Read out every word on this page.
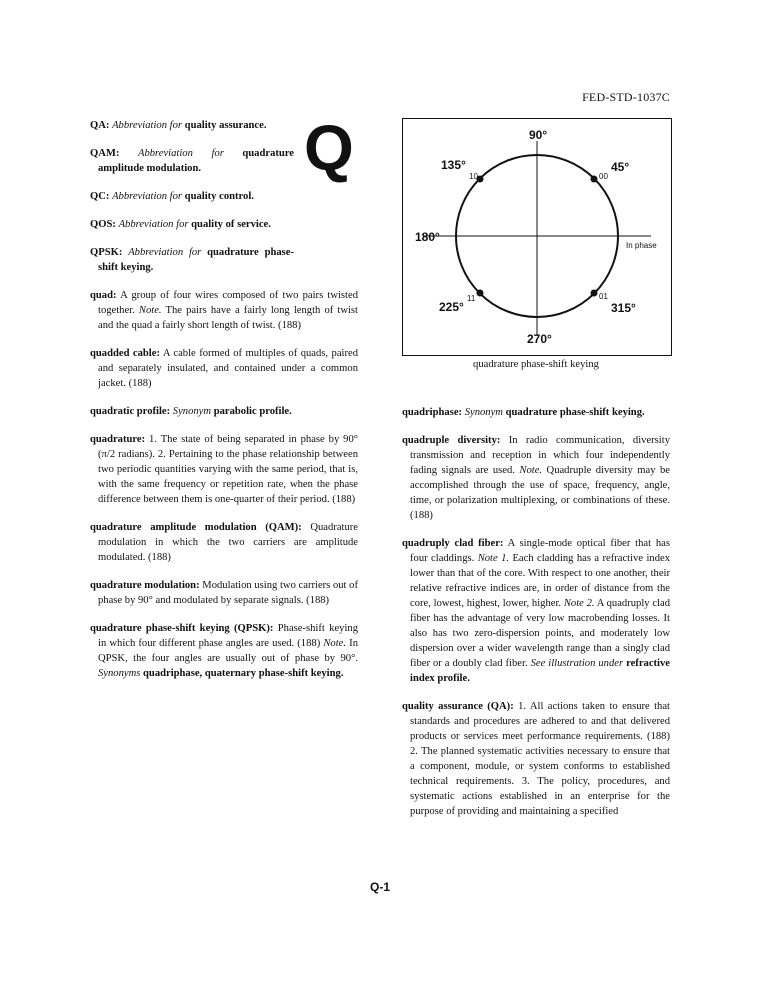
FED-STD-1037C

QA: Abbreviation for quality assurance.

QAM: Abbreviation for quadrature amplitude modulation.

QC: Abbreviation for quality control.

QOS: Abbreviation for quality of service.

QPSK: Abbreviation for quadrature phase-shift keying.

quad: A group of four wires composed of two pairs twisted together. Note. The pairs have a fairly long length of twist and the quad a fairly short length of twist. (188)

quadded cable: A cable formed of multiples of quads, paired and separately insulated, and contained under a common jacket. (188)

quadratic profile: Synonym parabolic profile.

quadrature: 1. The state of being separated in phase by 90° (π/2 radians). 2. Pertaining to the phase relationship between two periodic quantities varying with the same period, that is, with the same frequency or repetition rate, when the phase difference between them is one-quarter of their period. (188)

quadrature amplitude modulation (QAM): Quadrature modulation in which the two carriers are amplitude modulated. (188)

quadrature modulation: Modulation using two carriers out of phase by 90° and modulated by separate signals. (188)

quadrature phase-shift keying (QPSK): Phase-shift keying in which four different phase angles are used. (188) Note. In QPSK, the four angles are usually out of phase by 90°. Synonyms quadriphase, quaternary phase-shift keying.

Q	90°
135°	45°
180°
In phase
225°	315°
270°
10	00
11	01
quadrature phase-shift keying

quadriphase: Synonym quadrature phase-shift keying.

quadruple diversity: In radio communication, diversity transmission and reception in which four independently fading signals are used. Note. Quadruple diversity may be accomplished through the use of space, frequency, angle, time, or polarization multiplexing, or combinations of these. (188)

quadruply clad fiber: A single-mode optical fiber that has four claddings. Note 1. Each cladding has a refractive index lower than that of the core. With respect to one another, their relative refractive indices are, in order of distance from the core, lowest, highest, lower, higher. Note 2. A quadruply clad fiber has the advantage of very low macrobending losses. It also has two zero-dispersion points, and moderately low dispersion over a wider wavelength range than a singly clad fiber or a doubly clad fiber. See illustration under refractive index profile.

quality assurance (QA): 1. All actions taken to ensure that standards and procedures are adhered to and that delivered products or services meet performance requirements. (188) 2. The planned systematic activities necessary to ensure that a component, module, or system conforms to established technical requirements. 3. The policy, procedures, and systematic actions established in an enterprise for the purpose of providing and maintaining a specified

Q-1
